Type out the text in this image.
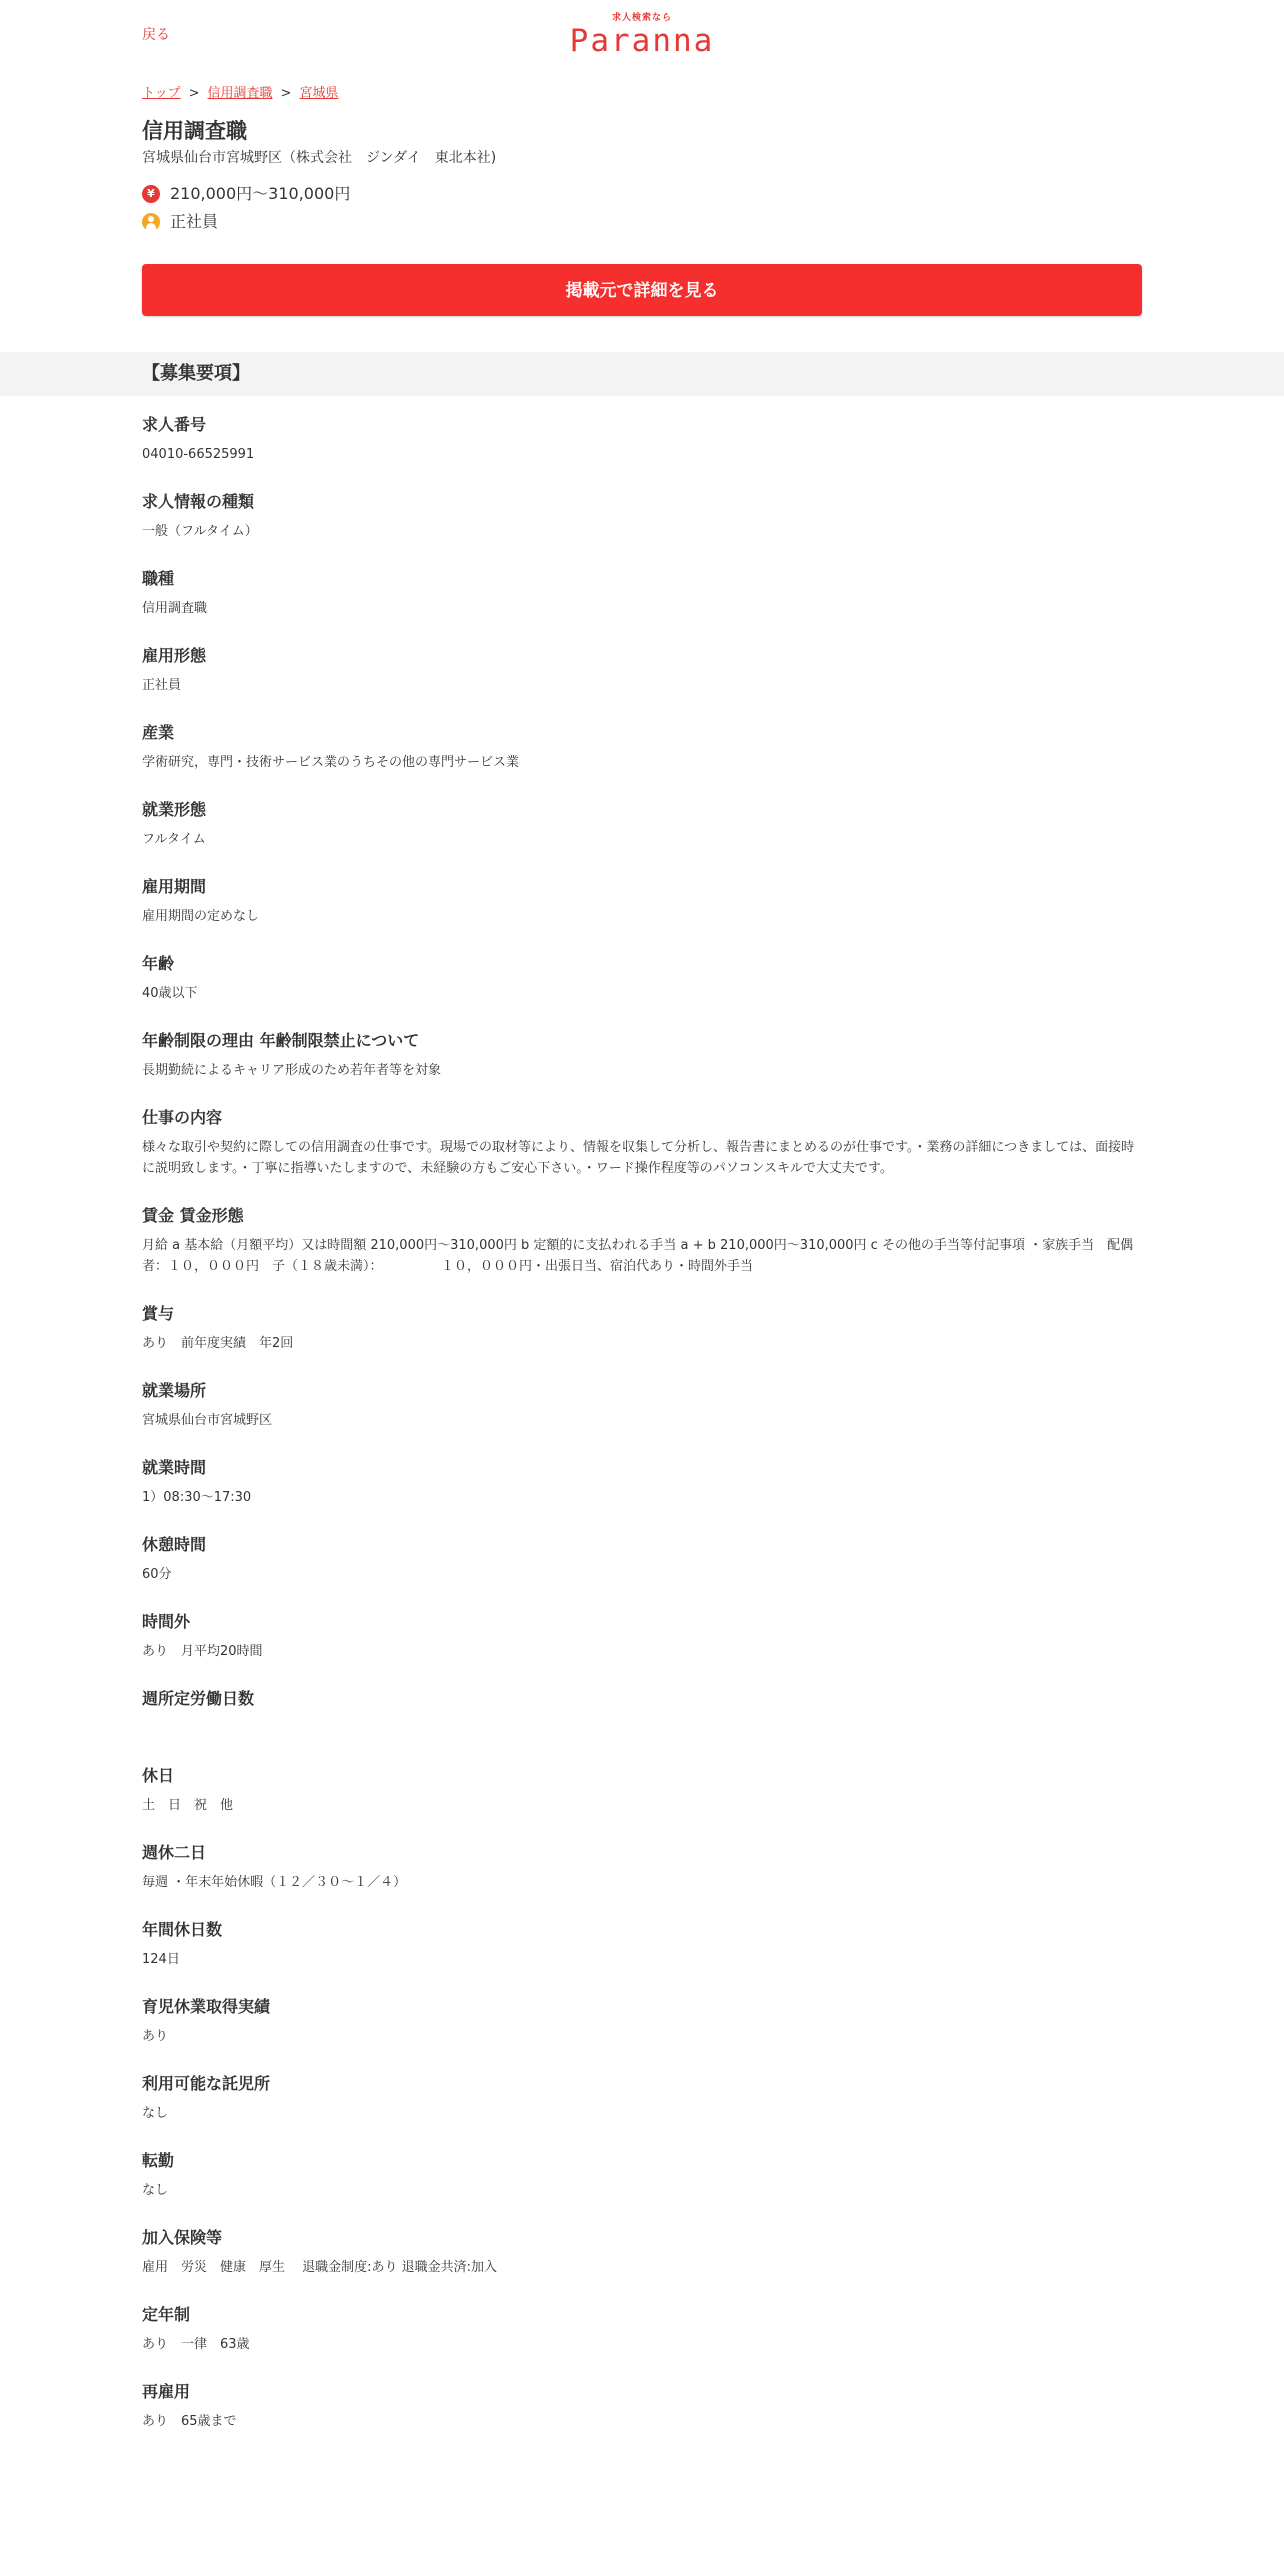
戻る
求人検索なら
Paranna
トップ > 信用調査職 > 宮城県
信用調査職
宮城県仙台市宮城野区（株式会社　ジンダイ　東北本社)
¥ 210,000円～310,000円
正社員
掲載元で詳細を見る
【募集要項】
求人番号
04010-66525991
求人情報の種類
一般（フルタイム）
職種
信用調査職
雇用形態
正社員
産業
学術研究，専門・技術サービス業のうちその他の専門サービス業
就業形態
フルタイム
雇用期間
雇用期間の定めなし
年齢
40歳以下
年齢制限の理由 年齢制限禁止について
長期勤続によるキャリア形成のため若年者等を対象
仕事の内容
様々な取引や契約に際しての信用調査の仕事です。現場での取材等により、情報を収集して分析し、報告書にまとめるのが仕事です。・業務の詳細につきましては、面接時に説明致します。・丁寧に指導いたしますので、未経験の方もご安心下さい。・ワード操作程度等のパソコンスキルで大丈夫です。
賃金 賃金形態
月給 a 基本給（月額平均）又は時間額 210,000円～310,000円 b 定額的に支払われる手当 a + b 210,000円～310,000円 c その他の手当等付記事項 ・家族手当　配偶者：１０，０００円　子（１８歳未満）：　　　　　１０，０００円・出張日当、宿泊代あり・時間外手当
賞与
あり　前年度実績　年2回
就業場所
宮城県仙台市宮城野区
就業時間
1）08:30～17:30
休憩時間
60分
時間外
あり　月平均20時間
週所定労働日数
休日
土　日　祝　他
週休二日
毎週 ・年末年始休暇（１２／３０～１／４）
年間休日数
124日
育児休業取得実績
あり
利用可能な託児所
なし
転勤
なし
加入保険等
雇用　労災　健康　厚生　 退職金制度:あり 退職金共済:加入
定年制
あり　一律　63歳
再雇用
あり　65歳まで
